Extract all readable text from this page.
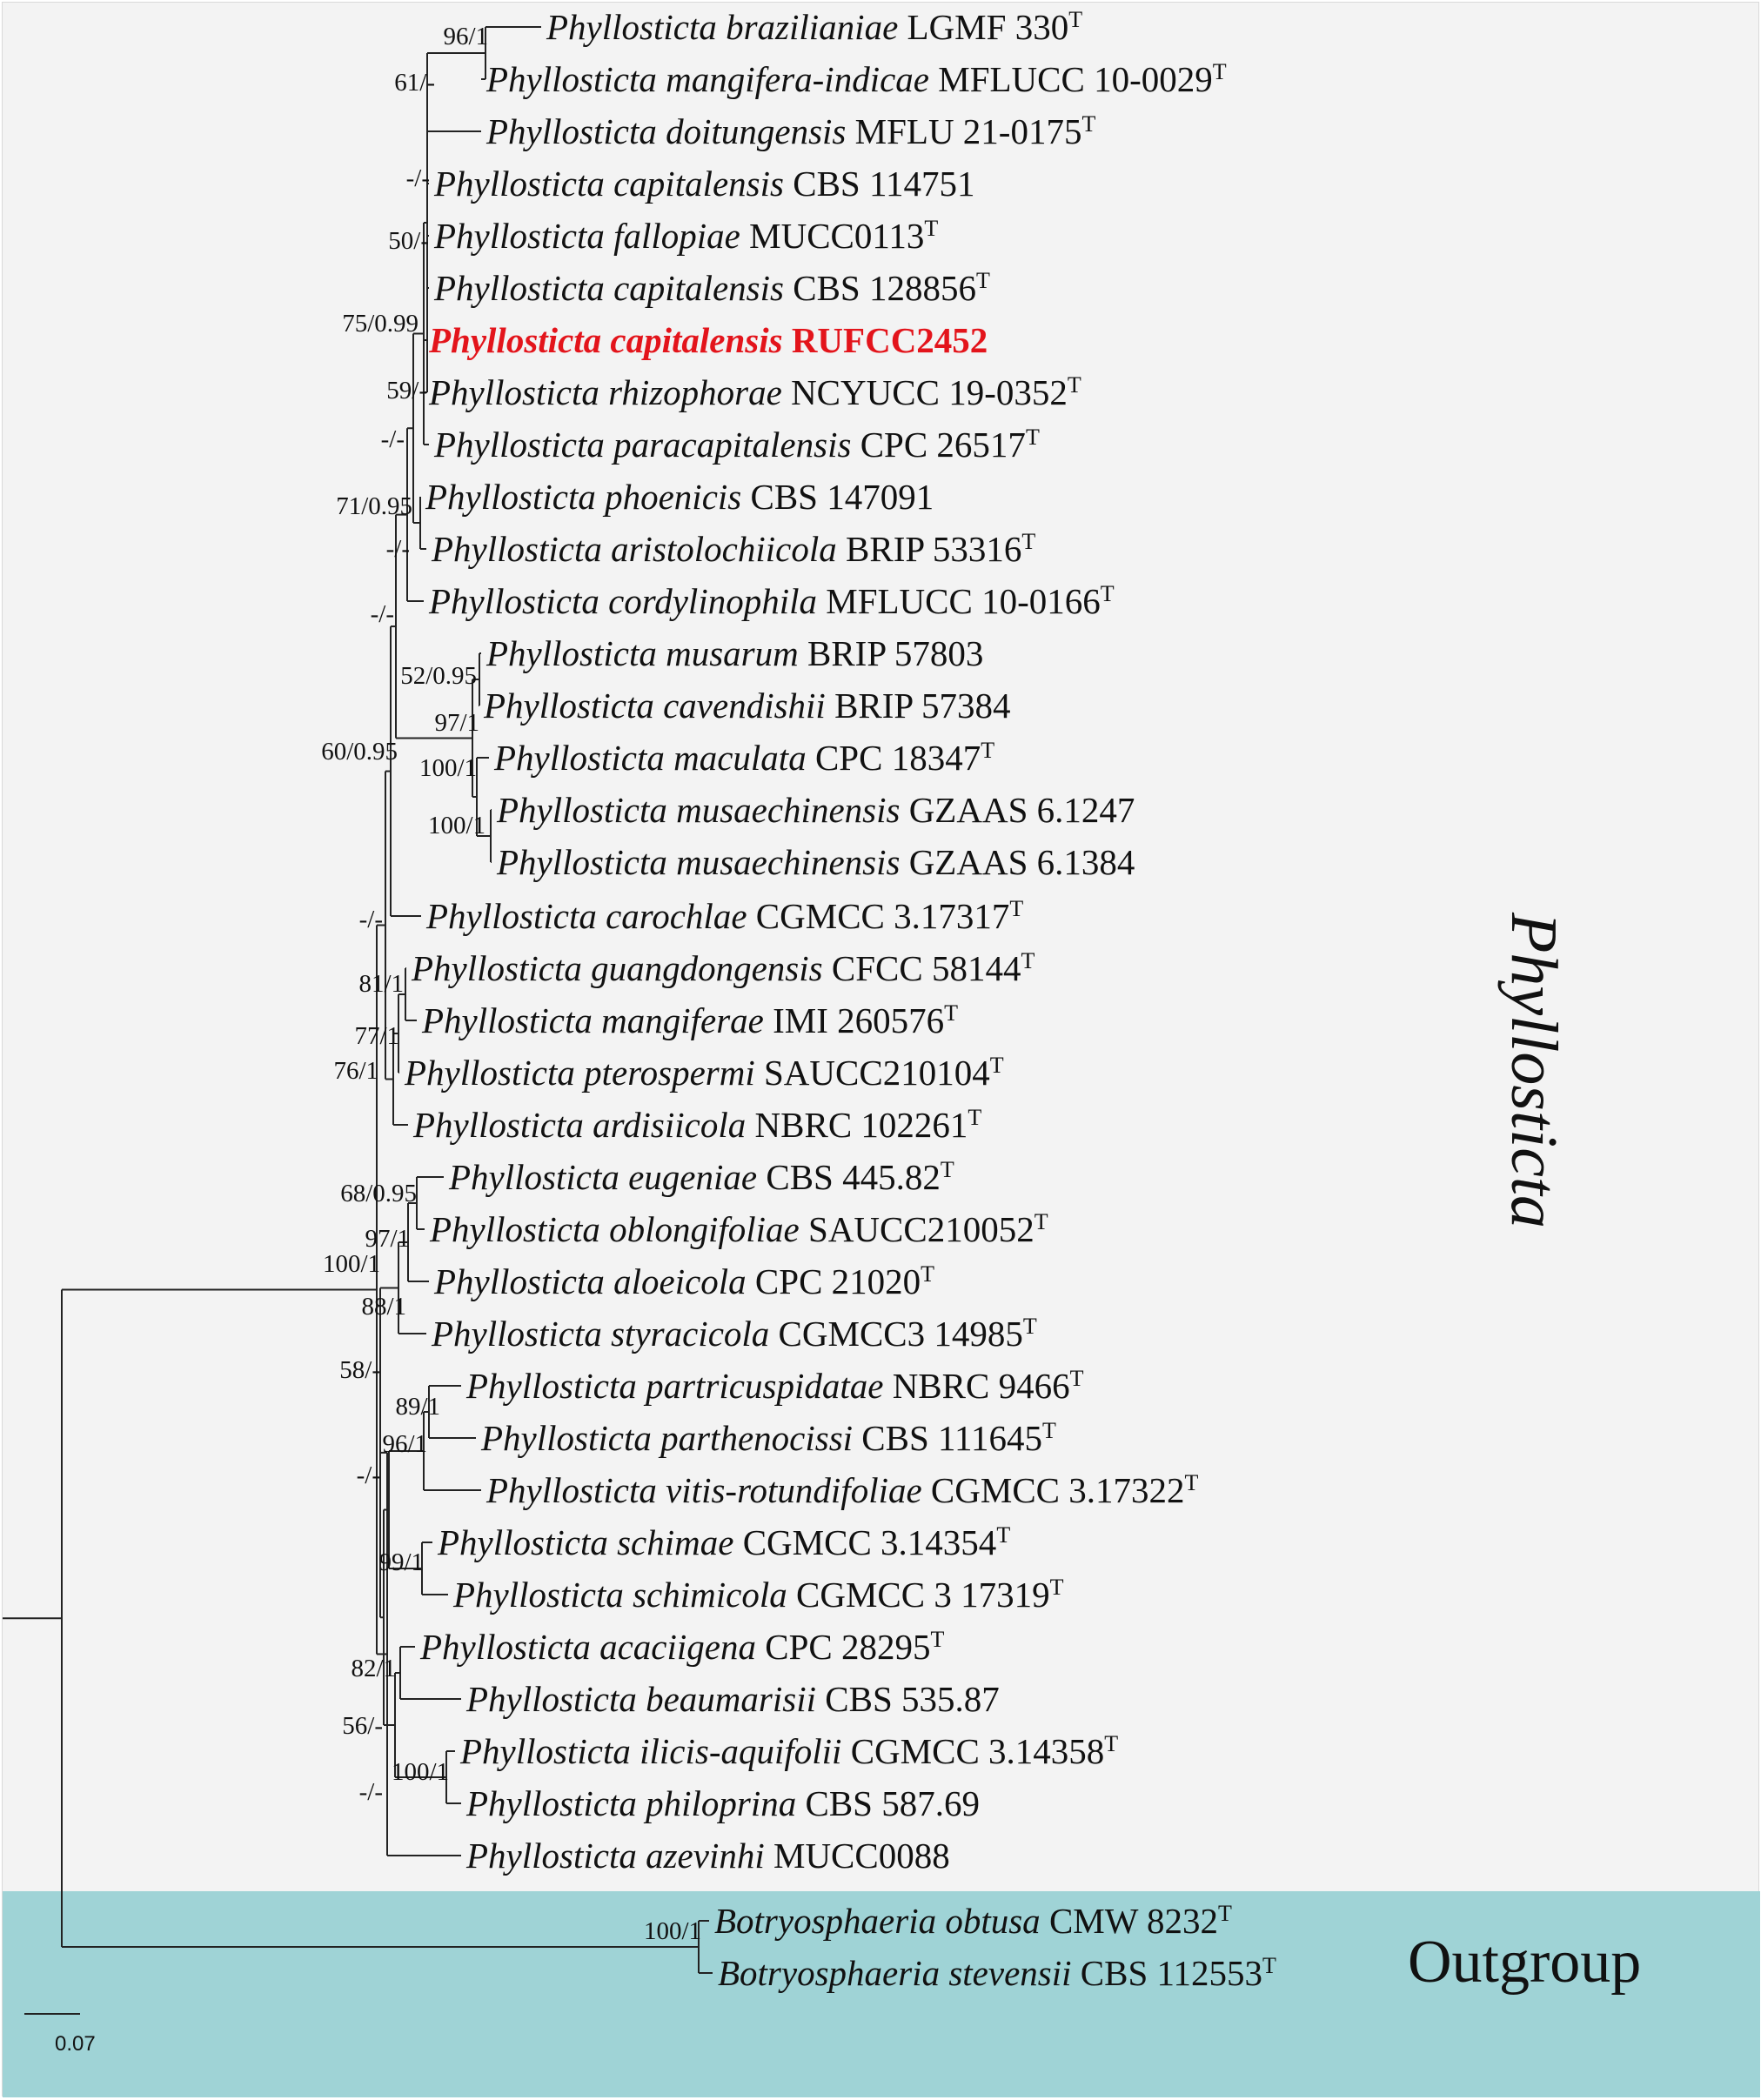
96/1
61/-
-/-
50/-
75/0.99
59/-
-/-
71/0.95
-/-
-/-
52/0.95
97/1
100/1
100/1
60/0.95
-/-
81/1
77/1
76/1
68/0.95
97/1
100/1
88/1
58/-
89/1
96/1
-/-
99/1
82/1
56/-
100/1
-/-
100/1
Phyllosticta brazilianiae LGMF $330^T$
Phyllosticta mangifera-indicae MFLUCC $10-0029^T$
Phyllosticta doitungensis MFLU $21-0175^T$
Phyllosticta capitalensis CBS 114751
Phyllosticta fallopiae $MUCC0113^T$
Phyllosticta capitalensis CBS $128856^T$
Phyllosticta capitalensis RUFCC2452
Phyllosticta rhizophorae NCYUCC $19-0352^T$
Phyllosticta paracapitalensis CPC $26517^T$
Phyllosticta phoenicis CBS 147091
Phyllosticta aristolochiicola BRIP $53316^T$
Phyllosticta cordylinophila MFLUCC $10-0166^T$
Phyllosticta musarum BRIP 57803
Phyllosticta cavendishii BRIP 57384
Phyllosticta maculata CPC $18347^T$
Phyllosticta musaechinensis GZAAS 6.1247
Phyllosticta musaechinensis GZAAS 6.1384
Phyllosticta carochlae CGMCC $3.17317^T$
Phyllosticta guangdongensis CFCC $58144^T$
Phyllosticta mangiferae IMI $260576^T$
Phyllosticta pterospermi $SAUCC210104^T$
Phyllosticta ardisiicola NBRC $102261^T$
Phyllosticta eugeniae CBS $445.82^T$
Phyllosticta oblongifoliae $SAUCC210052^T$
Phyllosticta aloeicola CPC $21020^T$
Phyllosticta styracicola CGMCC3 $14985^T$
Phyllosticta partricuspidatae NBRC $9466^T$
Phyllosticta parthenocissi CBS $111645^T$
Phyllosticta vitis-rotundifoliae CGMCC $3.17322^T$
Phyllosticta schimae CGMCC $3.14354^T$
Phyllosticta schimicola CGMCC 3 $17319^T$
Phyllosticta acaciigena CPC $28295^T$
Phyllosticta beaumarisii CBS 535.87
Phyllosticta ilicis-aquifolii CGMCC $3.14358^T$
Phyllosticta philoprina CBS 587.69
Phyllosticta azevinhi MUCC0088
Botryosphaeria obtusa CMW $8232^T$
Botryosphaeria stevensii CBS $112553^T$
Phyllosticta
Outgroup
0.07
